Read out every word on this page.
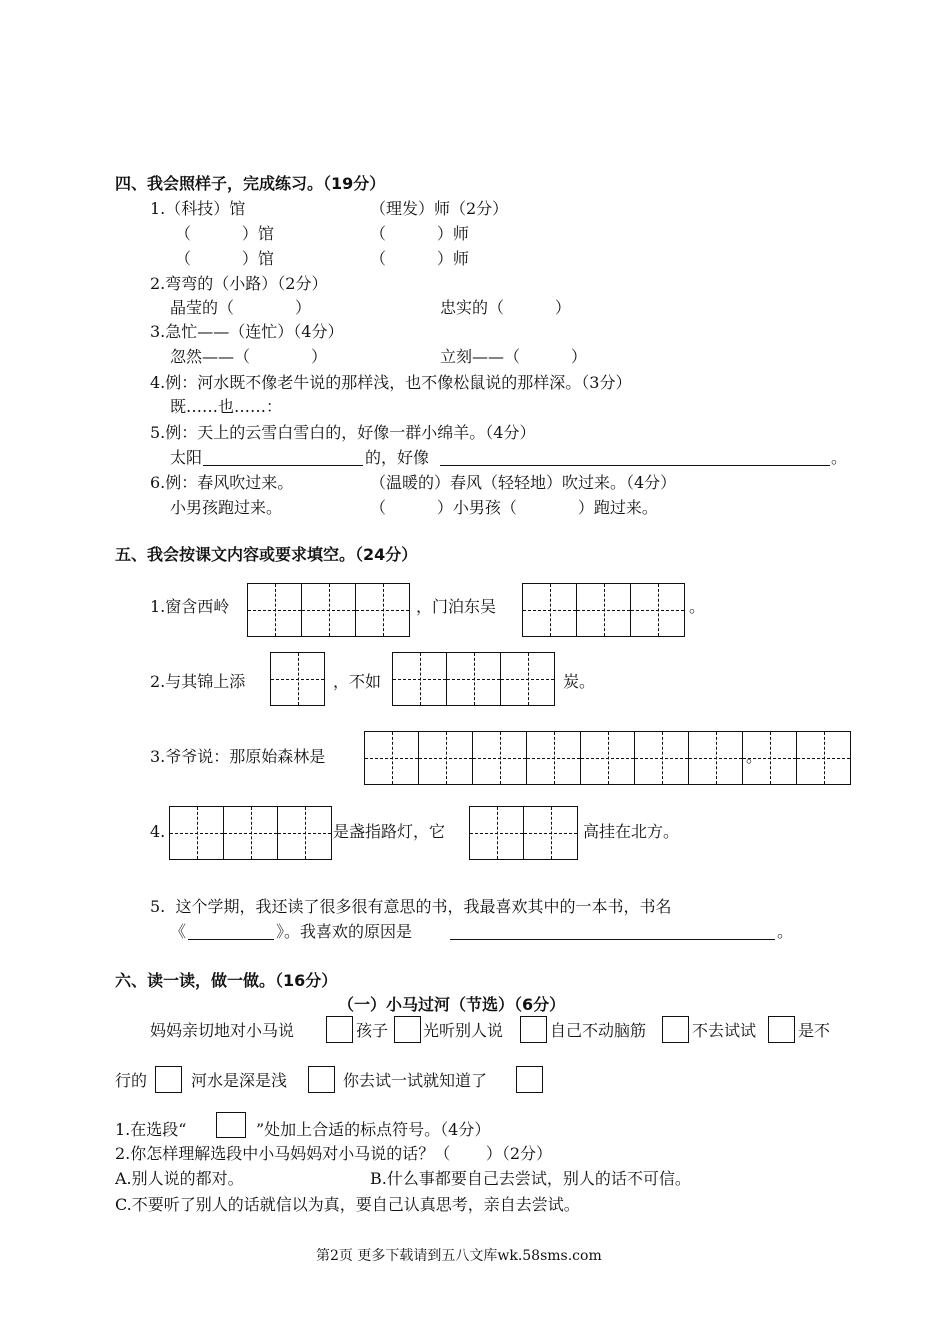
四、我会照样子，完成练习。（19分）
1.（科技）馆	（理发）师（2分）
（          ）馆	（          ）师
（          ）馆	（          ）师
2.弯弯的（小路）（2分）
晶莹的（            ）	忠实的（          ）
3.急忙——（连忙）（4分）
忽然——（            ）	立刻——（          ）
4.例：河水既不像老牛说的那样浅，也不像松鼠说的那样深。（3分）
既……也……：
5.例：天上的云雪白雪白的，好像一群小绵羊。（4分）
太阳	的，好像	。
6.例：春风吹过来。	（温暖的）春风（轻轻地）吹过来。（4分）
小男孩跑过来。	（          ）小男孩（            ）跑过来。
五、我会按课文内容或要求填空。（24分）
1.窗含西岭	，门泊东吴	。
2.与其锦上添	，不如	炭。
3.爷爷说：那原始森林是	。
4.	是盏指路灯，它	高挂在北方。
5.  这个学期，我还读了很多很有意思的书，我最喜欢其中的一本书，书名
《	》。我喜欢的原因是	。
六、读一读，做一做。（16分）
（一）小马过河（节选）（6分）
妈妈亲切地对小马说	孩子 光听别人说	自己不动脑筋	不去试试	是不
行的	河水是深是浅	你去试一试就知道了
1.在选段“	”处加上合适的标点符号。（4分）
2.你怎样理解选段中小马妈妈对小马说的话？（       ）（2分）
A.别人说的都对。	B.什么事都要自己去尝试，别人的话不可信。
C.不要听了别人的话就信以为真，要自己认真思考，亲自去尝试。
第2页 更多下载请到五八文库wk.58sms.com
